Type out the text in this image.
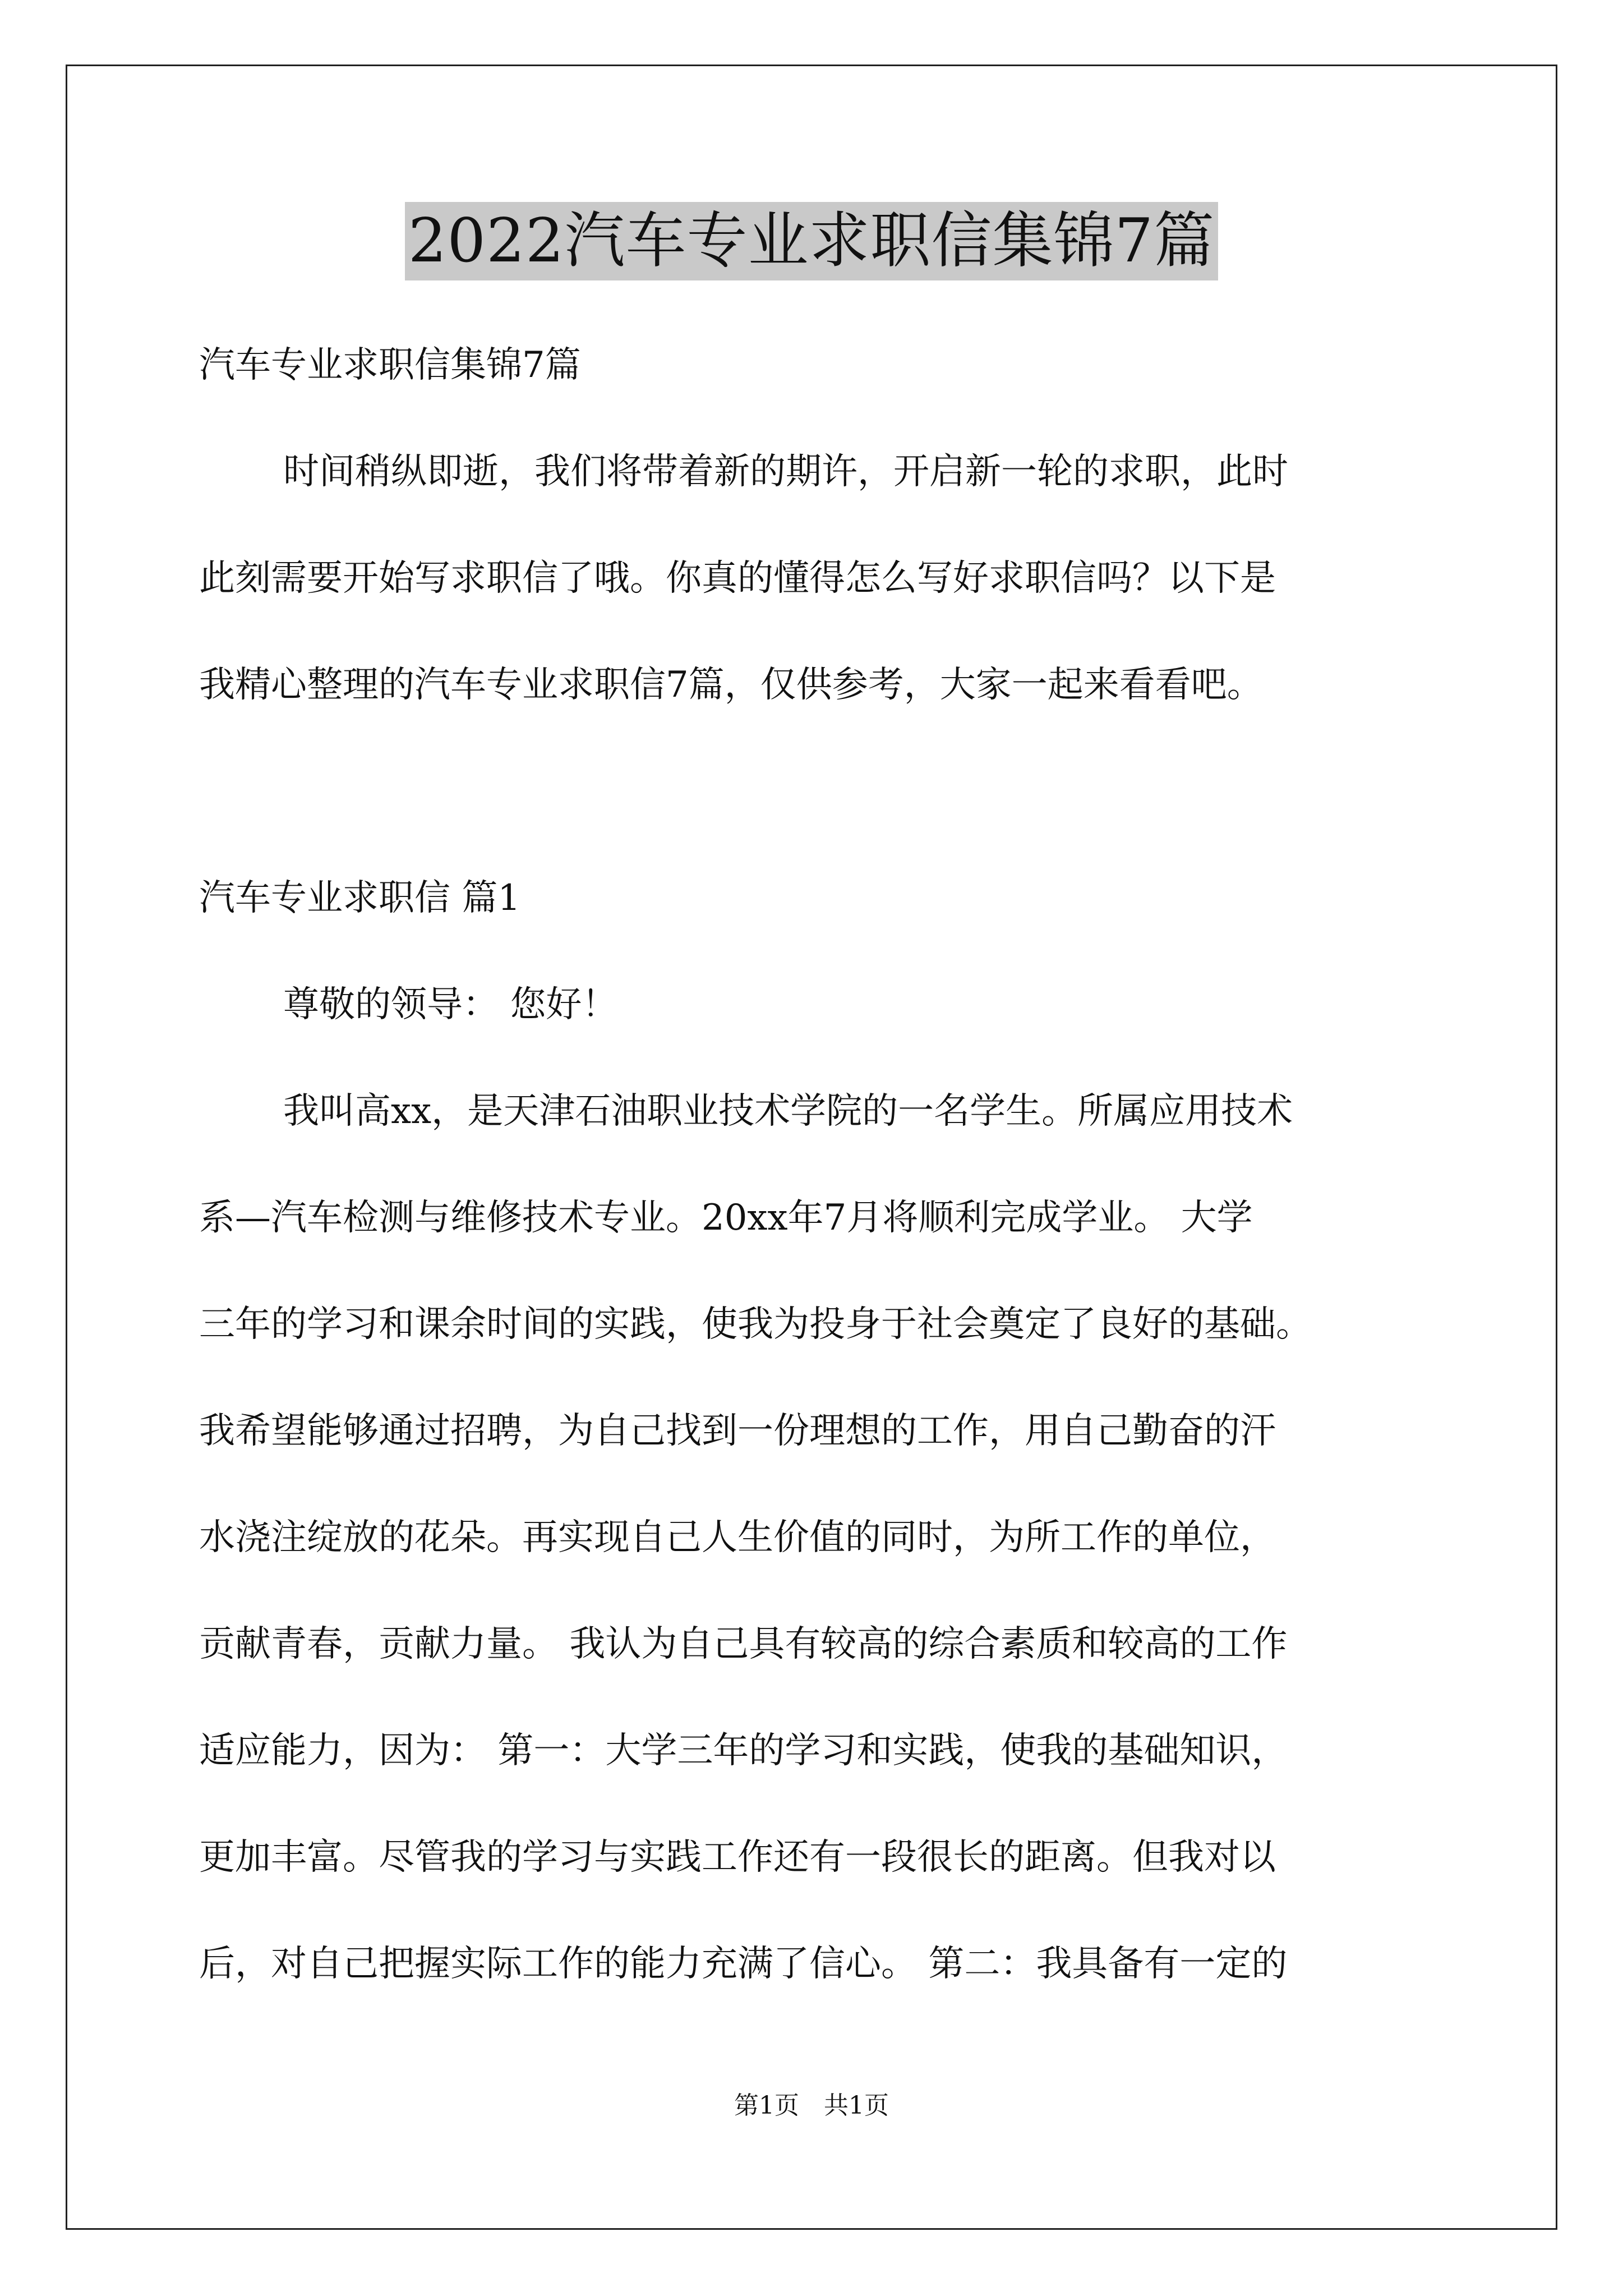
2022汽车专业求职信集锦7篇

汽车专业求职信集锦7篇

时间稍纵即逝，我们将带着新的期许，开启新一轮的求职，此时

此刻需要开始写求职信了哦。你真的懂得怎么写好求职信吗？以下是

我精心整理的汽车专业求职信7篇，仅供参考，大家一起来看看吧。

汽车专业求职信 篇1

尊敬的领导： 您好！

我叫高xx，是天津石油职业技术学院的一名学生。所属应用技术

系—汽车检测与维修技术专业。20xx年7月将顺利完成学业。 大学

三年的学习和课余时间的实践，使我为投身于社会奠定了良好的基础。

我希望能够通过招聘，为自己找到一份理想的工作，用自己勤奋的汗

水浇注绽放的花朵。再实现自己人生价值的同时，为所工作的单位，

贡献青春，贡献力量。 我认为自己具有较高的综合素质和较高的工作

适应能力，因为： 第一：大学三年的学习和实践，使我的基础知识，

更加丰富。尽管我的学习与实践工作还有一段很长的距离。但我对以

后，对自己把握实际工作的能力充满了信心。 第二：我具备有一定的

第1页　共1页
